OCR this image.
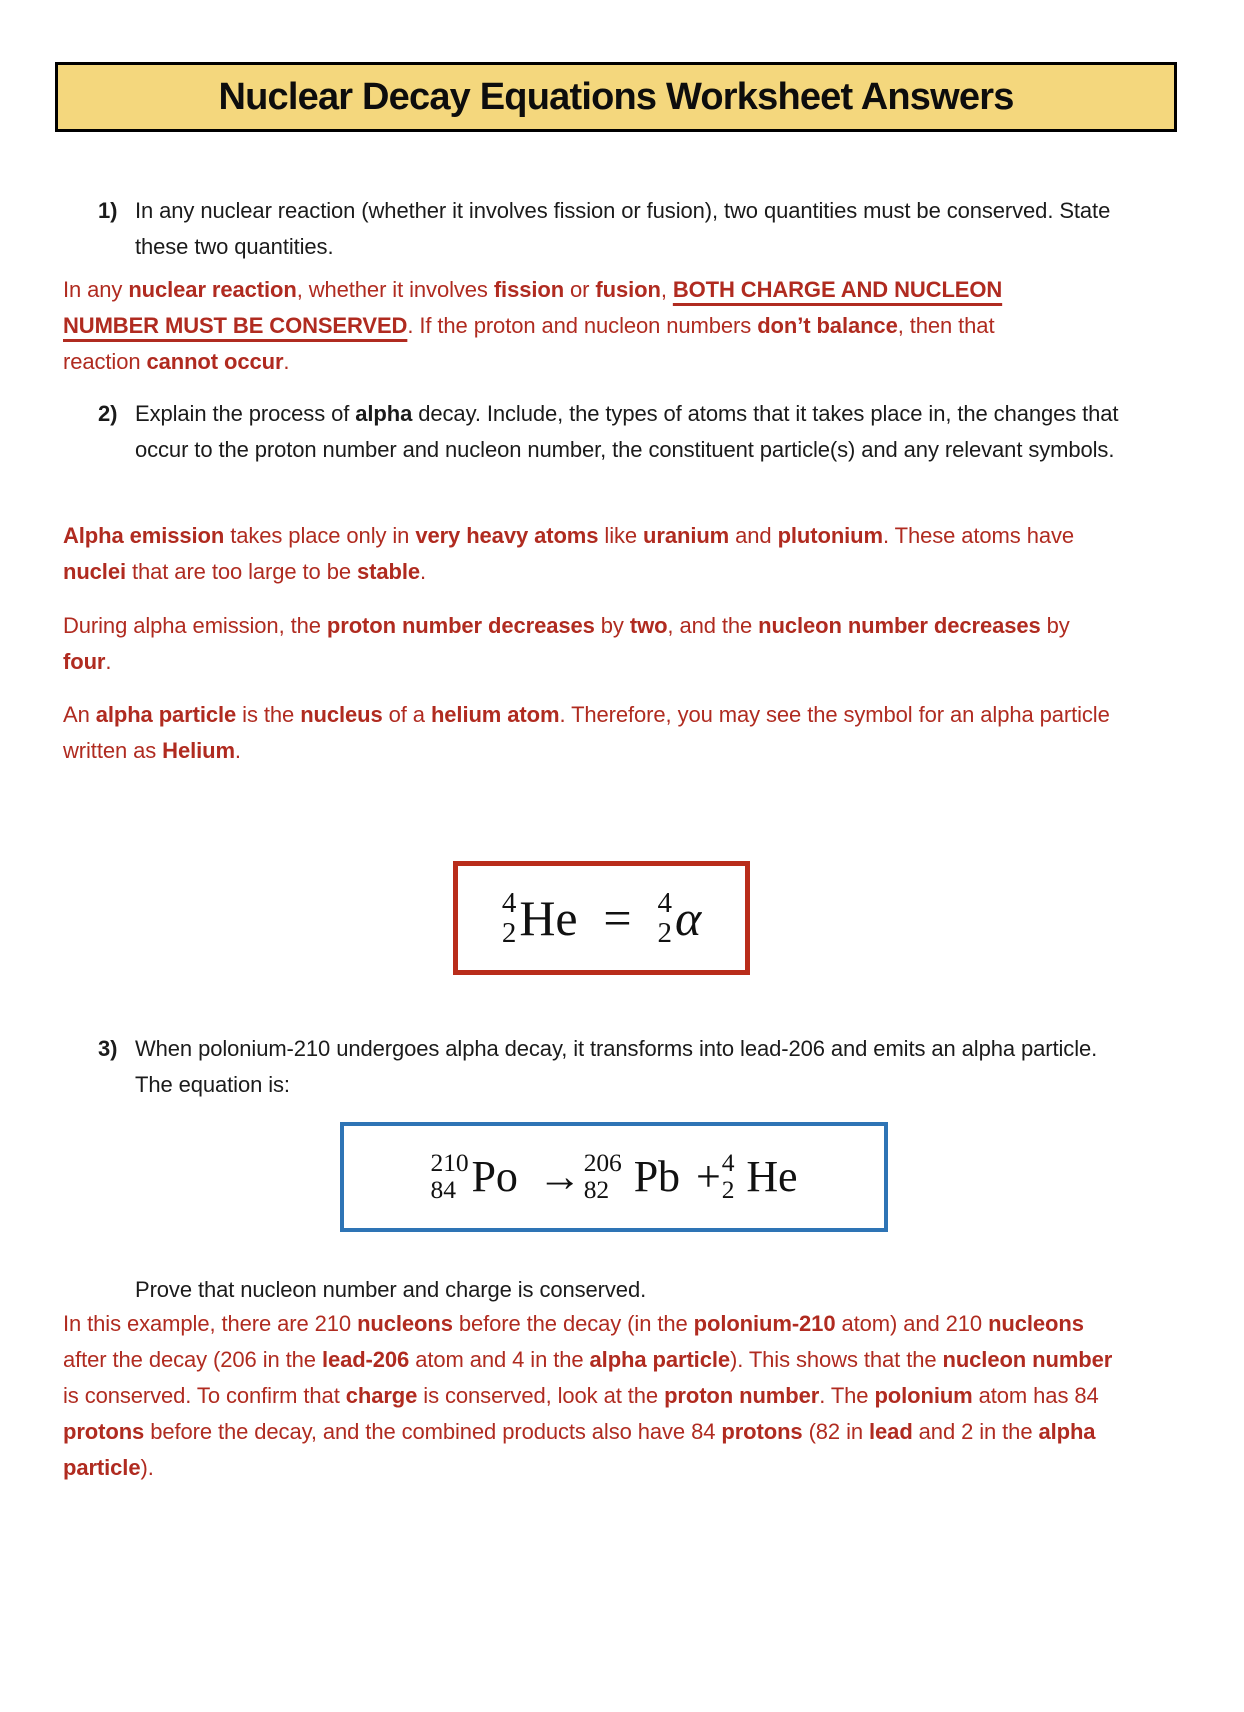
Nuclear Decay Equations Worksheet Answers
1) In any nuclear reaction (whether it involves fission or fusion), two quantities must be conserved. State these two quantities.

In any nuclear reaction, whether it involves fission or fusion, BOTH CHARGE AND NUCLEON NUMBER MUST BE CONSERVED. If the proton and nucleon numbers don’t balance, then that reaction cannot occur.

2) Explain the process of alpha decay. Include, the types of atoms that it takes place in, the changes that occur to the proton number and nucleon number, the constituent particle(s) and any relevant symbols.

Alpha emission takes place only in very heavy atoms like uranium and plutonium. These atoms have nuclei that are too large to be stable.

During alpha emission, the proton number decreases by two, and the nucleon number decreases by four.

An alpha particle is the nucleus of a helium atom. Therefore, you may see the symbol for an alpha particle written as Helium.

4
2 He = 4
2 α
3) When polonium-210 undergoes alpha decay, it transforms into lead-206 and emits an alpha particle. The equation is:

210
84 Po → 206
82 Pb + 4
2 He

Prove that nucleon number and charge is conserved.

In this example, there are 210 nucleons before the decay (in the polonium-210 atom) and 210 nucleons after the decay (206 in the lead-206 atom and 4 in the alpha particle). This shows that the nucleon number is conserved. To confirm that charge is conserved, look at the proton number. The polonium atom has 84 protons before the decay, and the combined products also have 84 protons (82 in lead and 2 in the alpha particle).
